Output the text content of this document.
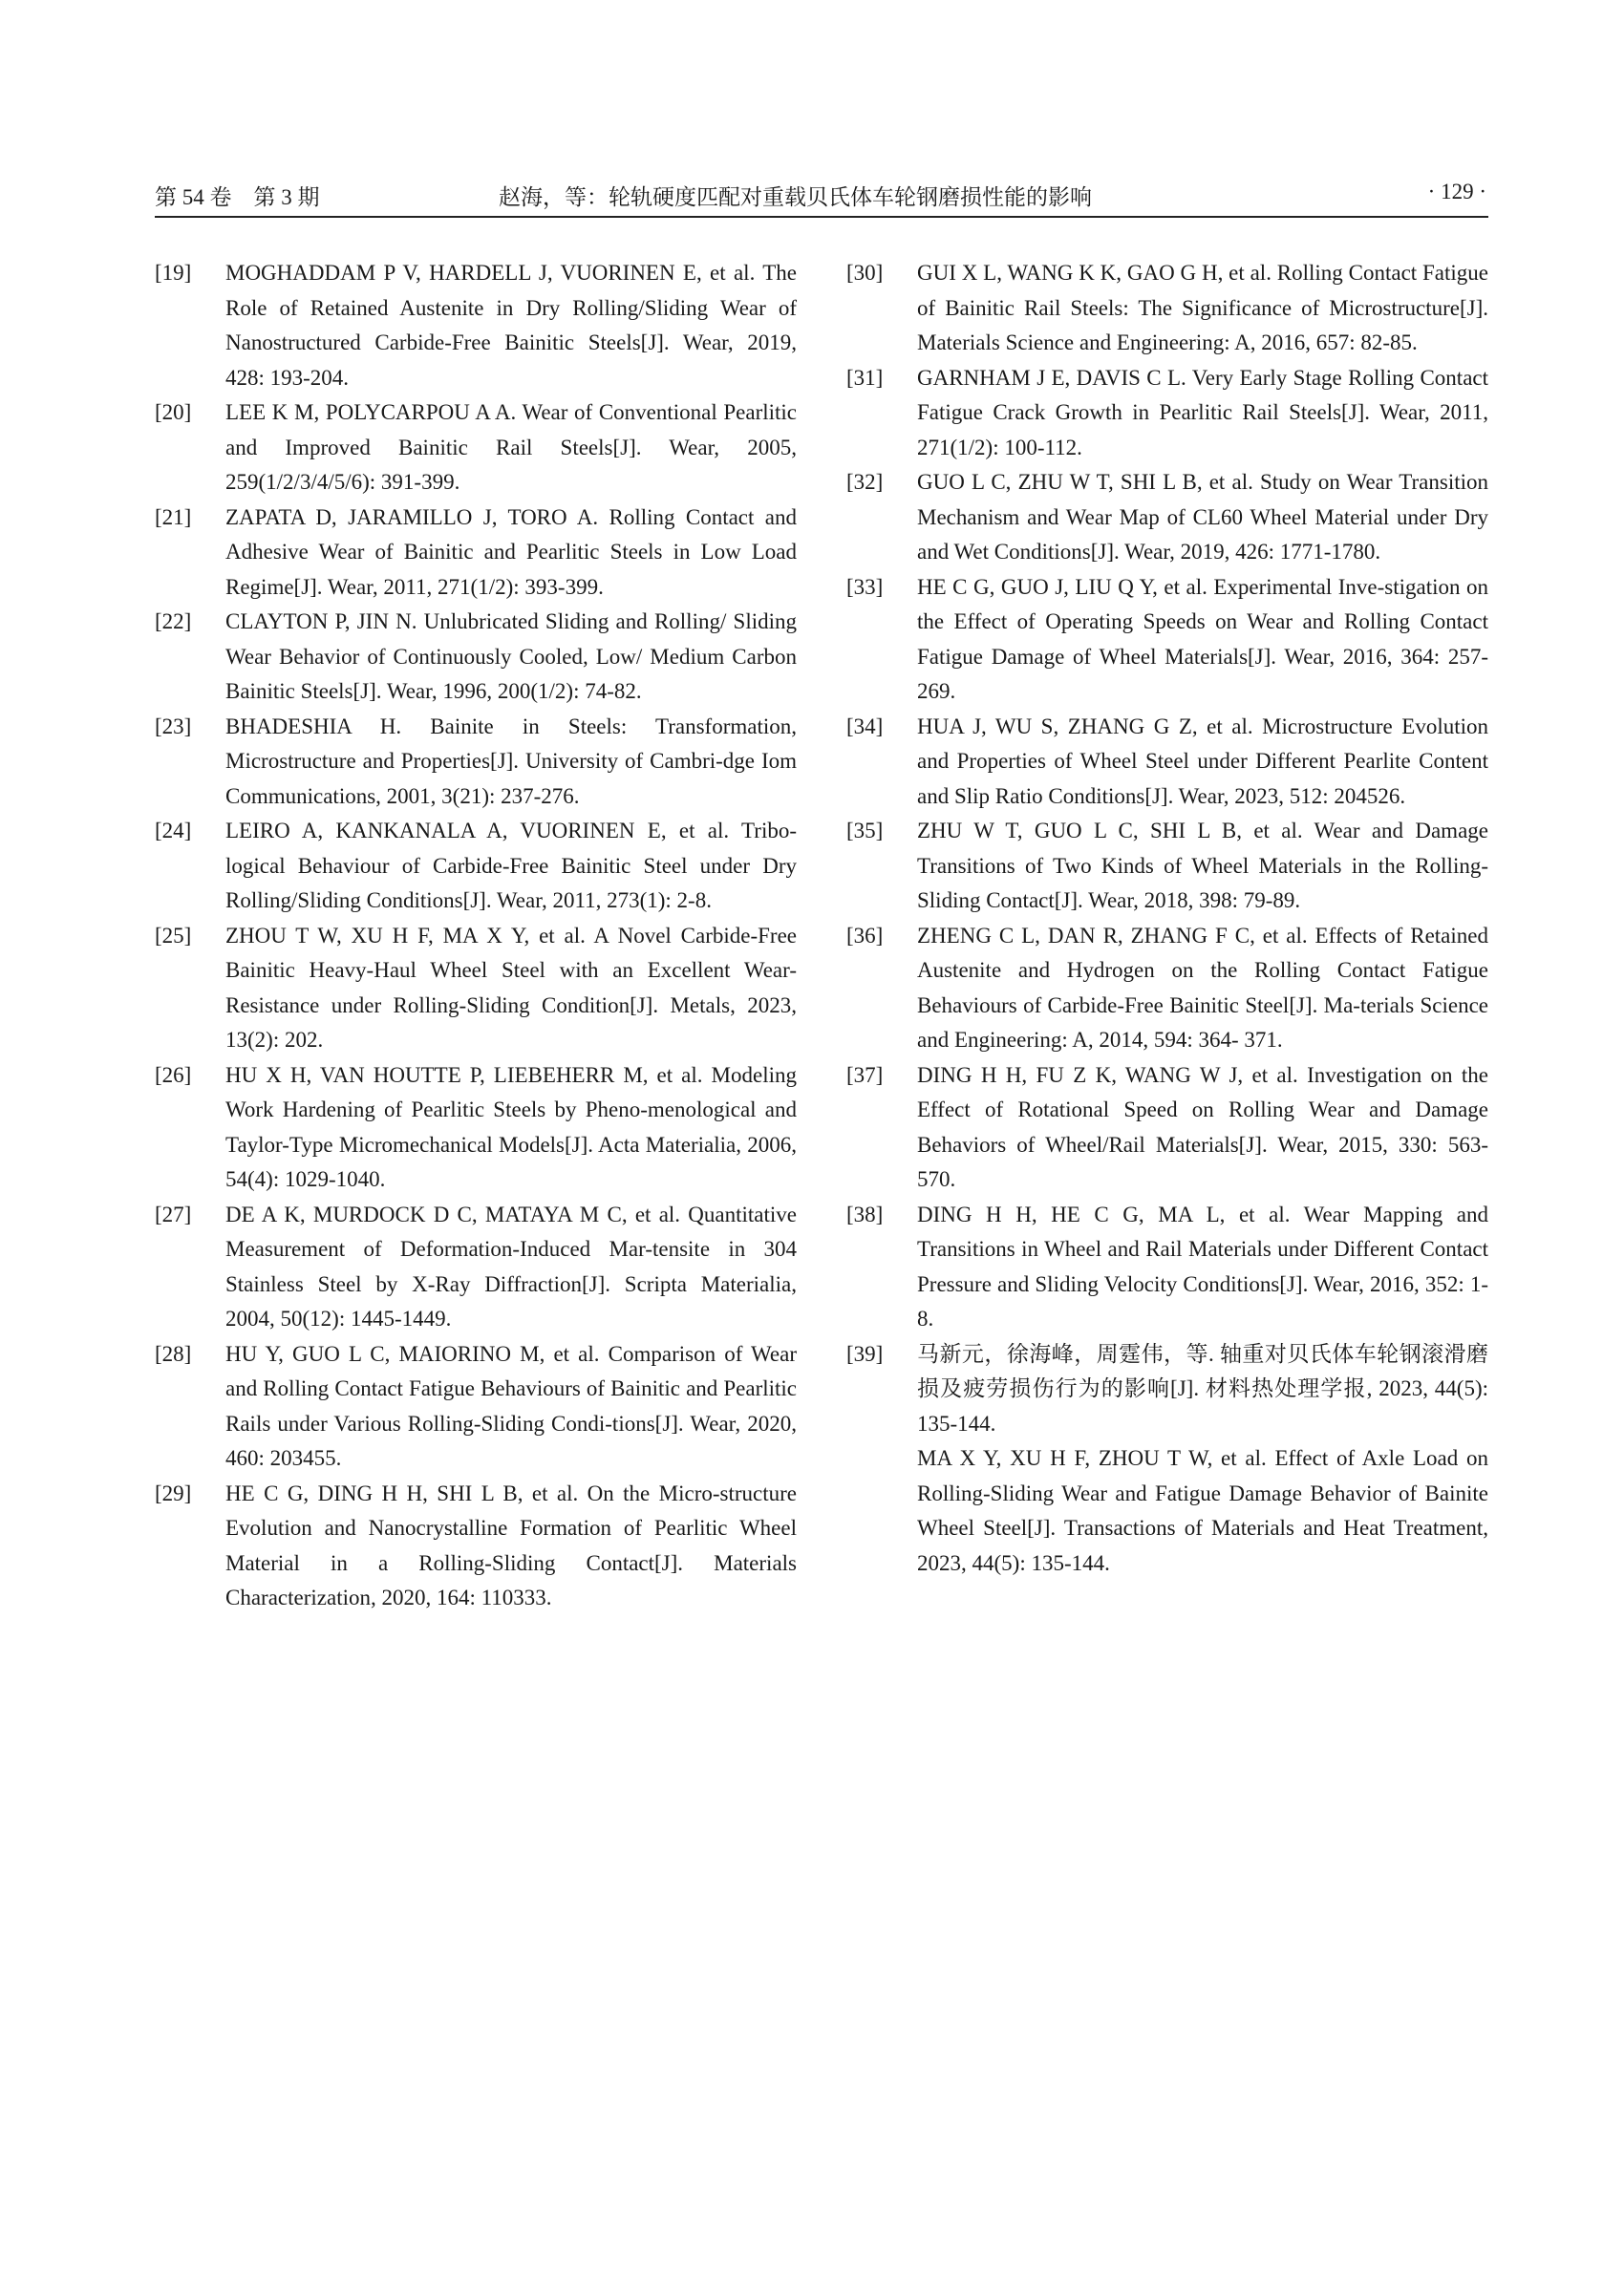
第 54 卷　第 3 期	赵海，等：轮轨硬度匹配对重载贝氏体车轮钢磨损性能的影响	· 129 ·
[19]	MOGHADDAM P V, HARDELL J, VUORINEN E, et al. The Role of Retained Austenite in Dry Rolling/Sliding Wear of Nanostructured Carbide-Free Bainitic Steels[J]. Wear, 2019, 428: 193-204.
[20]	LEE K M, POLYCARPOU A A. Wear of Conventional Pearlitic and Improved Bainitic Rail Steels[J]. Wear, 2005, 259(1/2/3/4/5/6): 391-399.
[21]	ZAPATA D, JARAMILLO J, TORO A. Rolling Contact and Adhesive Wear of Bainitic and Pearlitic Steels in Low Load Regime[J]. Wear, 2011, 271(1/2): 393-399.
[22]	CLAYTON P, JIN N. Unlubricated Sliding and Rolling/ Sliding Wear Behavior of Continuously Cooled, Low/ Medium Carbon Bainitic Steels[J]. Wear, 1996, 200(1/2): 74-82.
[23]	BHADESHIA H. Bainite in Steels: Transformation, Microstructure and Properties[J]. University of Cambri-dge Iom Communications, 2001, 3(21): 237-276.
[24]	LEIRO A, KANKANALA A, VUORINEN E, et al. Tribo-logical Behaviour of Carbide-Free Bainitic Steel under Dry Rolling/Sliding Conditions[J]. Wear, 2011, 273(1): 2-8.
[25]	ZHOU T W, XU H F, MA X Y, et al. A Novel Carbide-Free Bainitic Heavy-Haul Wheel Steel with an Excellent Wear-Resistance under Rolling-Sliding Condition[J]. Metals, 2023, 13(2): 202.
[26]	HU X H, VAN HOUTTE P, LIEBEHERR M, et al. Modeling Work Hardening of Pearlitic Steels by Pheno-menological and Taylor-Type Micromechanical Models[J]. Acta Materialia, 2006, 54(4): 1029-1040.
[27]	DE A K, MURDOCK D C, MATAYA M C, et al. Quantitative Measurement of Deformation-Induced Mar-tensite in 304 Stainless Steel by X-Ray Diffraction[J]. Scripta Materialia, 2004, 50(12): 1445-1449.
[28]	HU Y, GUO L C, MAIORINO M, et al. Comparison of Wear and Rolling Contact Fatigue Behaviours of Bainitic and Pearlitic Rails under Various Rolling-Sliding Condi-tions[J]. Wear, 2020, 460: 203455.
[29]	HE C G, DING H H, SHI L B, et al. On the Micro-structure Evolution and Nanocrystalline Formation of Pearlitic Wheel Material in a Rolling-Sliding Contact[J]. Materials Characterization, 2020, 164: 110333.
[30]	GUI X L, WANG K K, GAO G H, et al. Rolling Contact Fatigue of Bainitic Rail Steels: The Significance of Microstructure[J]. Materials Science and Engineering: A, 2016, 657: 82-85.
[31]	GARNHAM J E, DAVIS C L. Very Early Stage Rolling Contact Fatigue Crack Growth in Pearlitic Rail Steels[J]. Wear, 2011, 271(1/2): 100-112.
[32]	GUO L C, ZHU W T, SHI L B, et al. Study on Wear Transition Mechanism and Wear Map of CL60 Wheel Material under Dry and Wet Conditions[J]. Wear, 2019, 426: 1771-1780.
[33]	HE C G, GUO J, LIU Q Y, et al. Experimental Inve-stigation on the Effect of Operating Speeds on Wear and Rolling Contact Fatigue Damage of Wheel Materials[J]. Wear, 2016, 364: 257-269.
[34]	HUA J, WU S, ZHANG G Z, et al. Microstructure Evolution and Properties of Wheel Steel under Different Pearlite Content and Slip Ratio Conditions[J]. Wear, 2023, 512: 204526.
[35]	ZHU W T, GUO L C, SHI L B, et al. Wear and Damage Transitions of Two Kinds of Wheel Materials in the Rolling-Sliding Contact[J]. Wear, 2018, 398: 79-89.
[36]	ZHENG C L, DAN R, ZHANG F C, et al. Effects of Retained Austenite and Hydrogen on the Rolling Contact Fatigue Behaviours of Carbide-Free Bainitic Steel[J]. Ma-terials Science and Engineering: A, 2014, 594: 364- 371.
[37]	DING H H, FU Z K, WANG W J, et al. Investigation on the Effect of Rotational Speed on Rolling Wear and Damage Behaviors of Wheel/Rail Materials[J]. Wear, 2015, 330: 563-570.
[38]	DING H H, HE C G, MA L, et al. Wear Mapping and Transitions in Wheel and Rail Materials under Different Contact Pressure and Sliding Velocity Conditions[J]. Wear, 2016, 352: 1-8.
[39]	马新元，徐海峰，周霆伟，等. 轴重对贝氏体车轮钢滚滑磨损及疲劳损伤行为的影响[J]. 材料热处理学报, 2023, 44(5): 135-144.
MA X Y, XU H F, ZHOU T W, et al. Effect of Axle Load on Rolling-Sliding Wear and Fatigue Damage Behavior of Bainite Wheel Steel[J]. Transactions of Materials and Heat Treatment, 2023, 44(5): 135-144.
